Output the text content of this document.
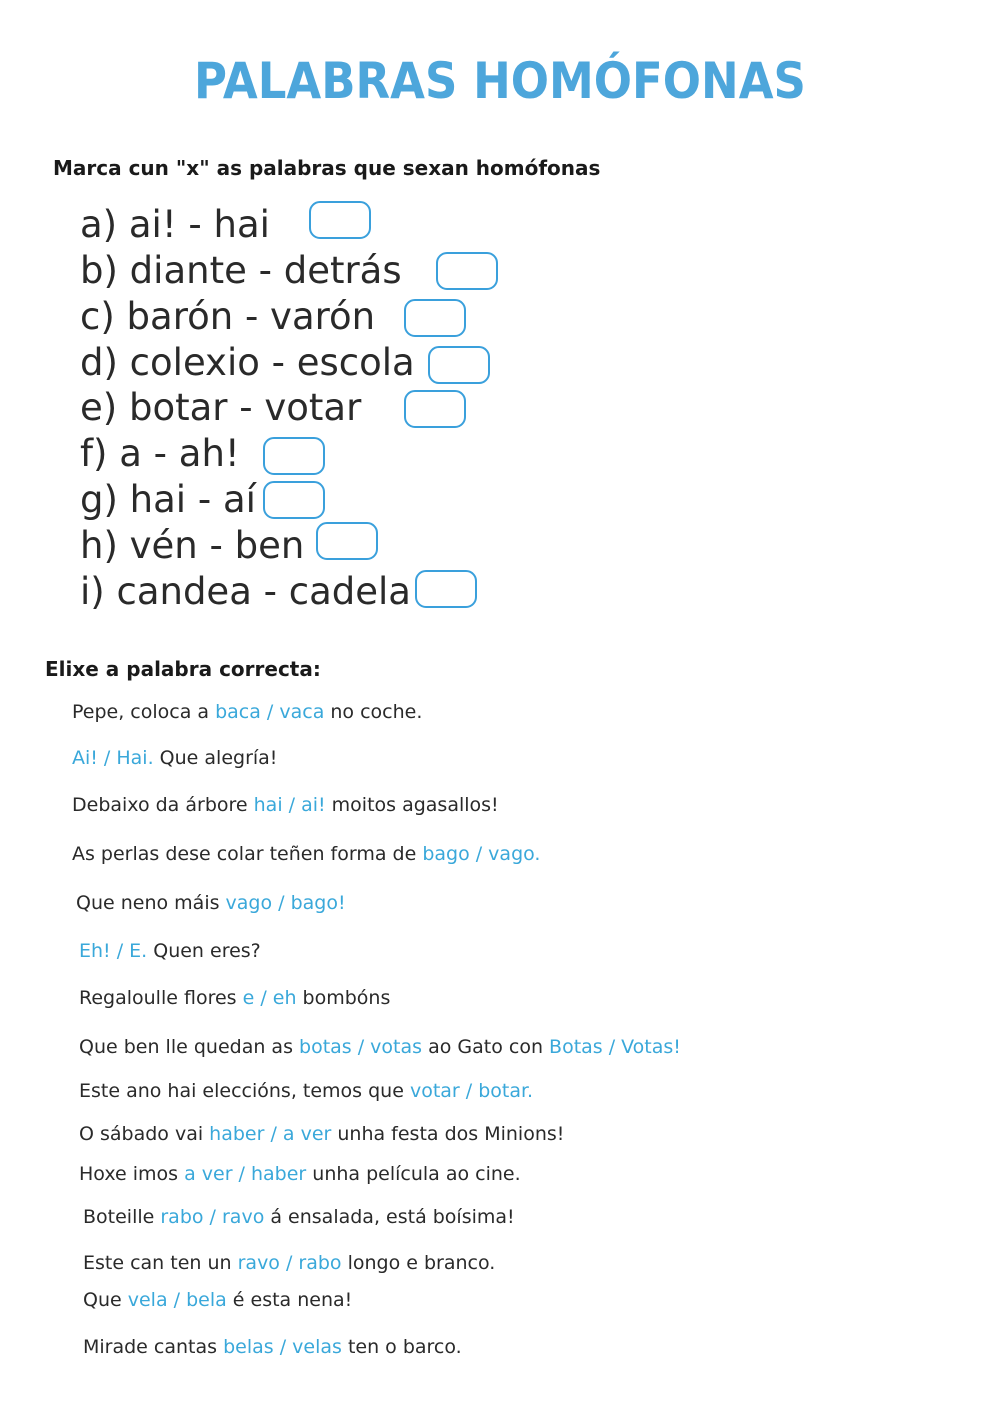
PALABRAS HOMÓFONAS
Marca cun "x" as palabras que sexan homófonas
a) ai! - hai
b) diante - detrás
c) barón - varón
d) colexio - escola
e) botar - votar
f) a - ah!
g) hai - aí
h) vén - ben
i) candea - cadela
Elixe a palabra correcta:
Pepe, coloca a baca / vaca no coche.
Ai! / Hai. Que alegría!
Debaixo da árbore hai / ai! moitos agasallos!
As perlas dese colar teñen forma de bago / vago.
Que neno máis vago / bago!
Eh! / E. Quen eres?
Regaloulle flores e / eh bombóns
Que ben lle quedan as botas / votas ao Gato con Botas / Votas!
Este ano hai eleccións, temos que votar / botar.
O sábado vai haber / a ver unha festa dos Minions!
Hoxe imos a ver / haber unha película ao cine.
Boteille rabo / ravo á ensalada, está boísima!
Este can ten un ravo / rabo longo e branco.
Que vela / bela é esta nena!
Mirade cantas belas / velas ten o barco.
